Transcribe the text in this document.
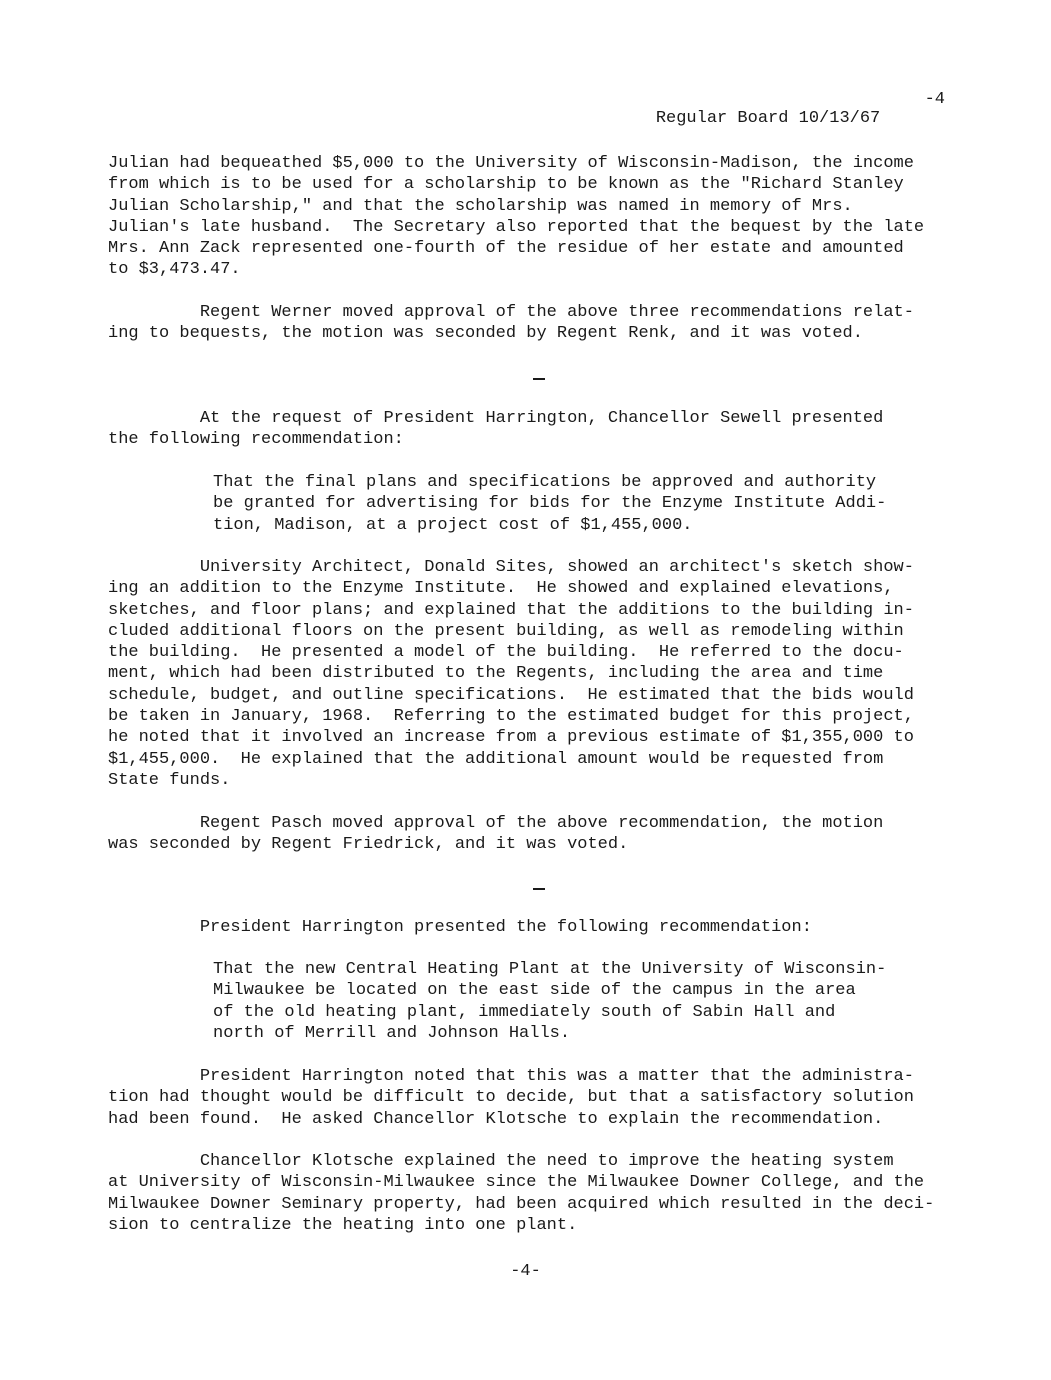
Regular Board 10/13/67

-4

Julian had bequeathed $5,000 to the University of Wisconsin-Madison, the income
from which is to be used for a scholarship to be known as the "Richard Stanley
Julian Scholarship," and that the scholarship was named in memory of Mrs.
Julian's late husband.  The Secretary also reported that the bequest by the late
Mrs. Ann Zack represented one-fourth of the residue of her estate and amounted
to $3,473.47.
Regent Werner moved approval of the above three recommendations relat-
ing to bequests, the motion was seconded by Regent Renk, and it was voted.
At the request of President Harrington, Chancellor Sewell presented
the following recommendation:
That the final plans and specifications be approved and authority
be granted for advertising for bids for the Enzyme Institute Addi-
tion, Madison, at a project cost of $1,455,000.
University Architect, Donald Sites, showed an architect's sketch show-
ing an addition to the Enzyme Institute.  He showed and explained elevations,
sketches, and floor plans; and explained that the additions to the building in-
cluded additional floors on the present building, as well as remodeling within
the building.  He presented a model of the building.  He referred to the docu-
ment, which had been distributed to the Regents, including the area and time
schedule, budget, and outline specifications.  He estimated that the bids would
be taken in January, 1968.  Referring to the estimated budget for this project,
he noted that it involved an increase from a previous estimate of $1,355,000 to
$1,455,000.  He explained that the additional amount would be requested from
State funds.
Regent Pasch moved approval of the above recommendation, the motion
was seconded by Regent Friedrick, and it was voted.
President Harrington presented the following recommendation:
That the new Central Heating Plant at the University of Wisconsin-
Milwaukee be located on the east side of the campus in the area
of the old heating plant, immediately south of Sabin Hall and
north of Merrill and Johnson Halls.
President Harrington noted that this was a matter that the administra-
tion had thought would be difficult to decide, but that a satisfactory solution
had been found.  He asked Chancellor Klotsche to explain the recommendation.
Chancellor Klotsche explained the need to improve the heating system
at University of Wisconsin-Milwaukee since the Milwaukee Downer College, and the
Milwaukee Downer Seminary property, had been acquired which resulted in the deci-
sion to centralize the heating into one plant.
-4-
